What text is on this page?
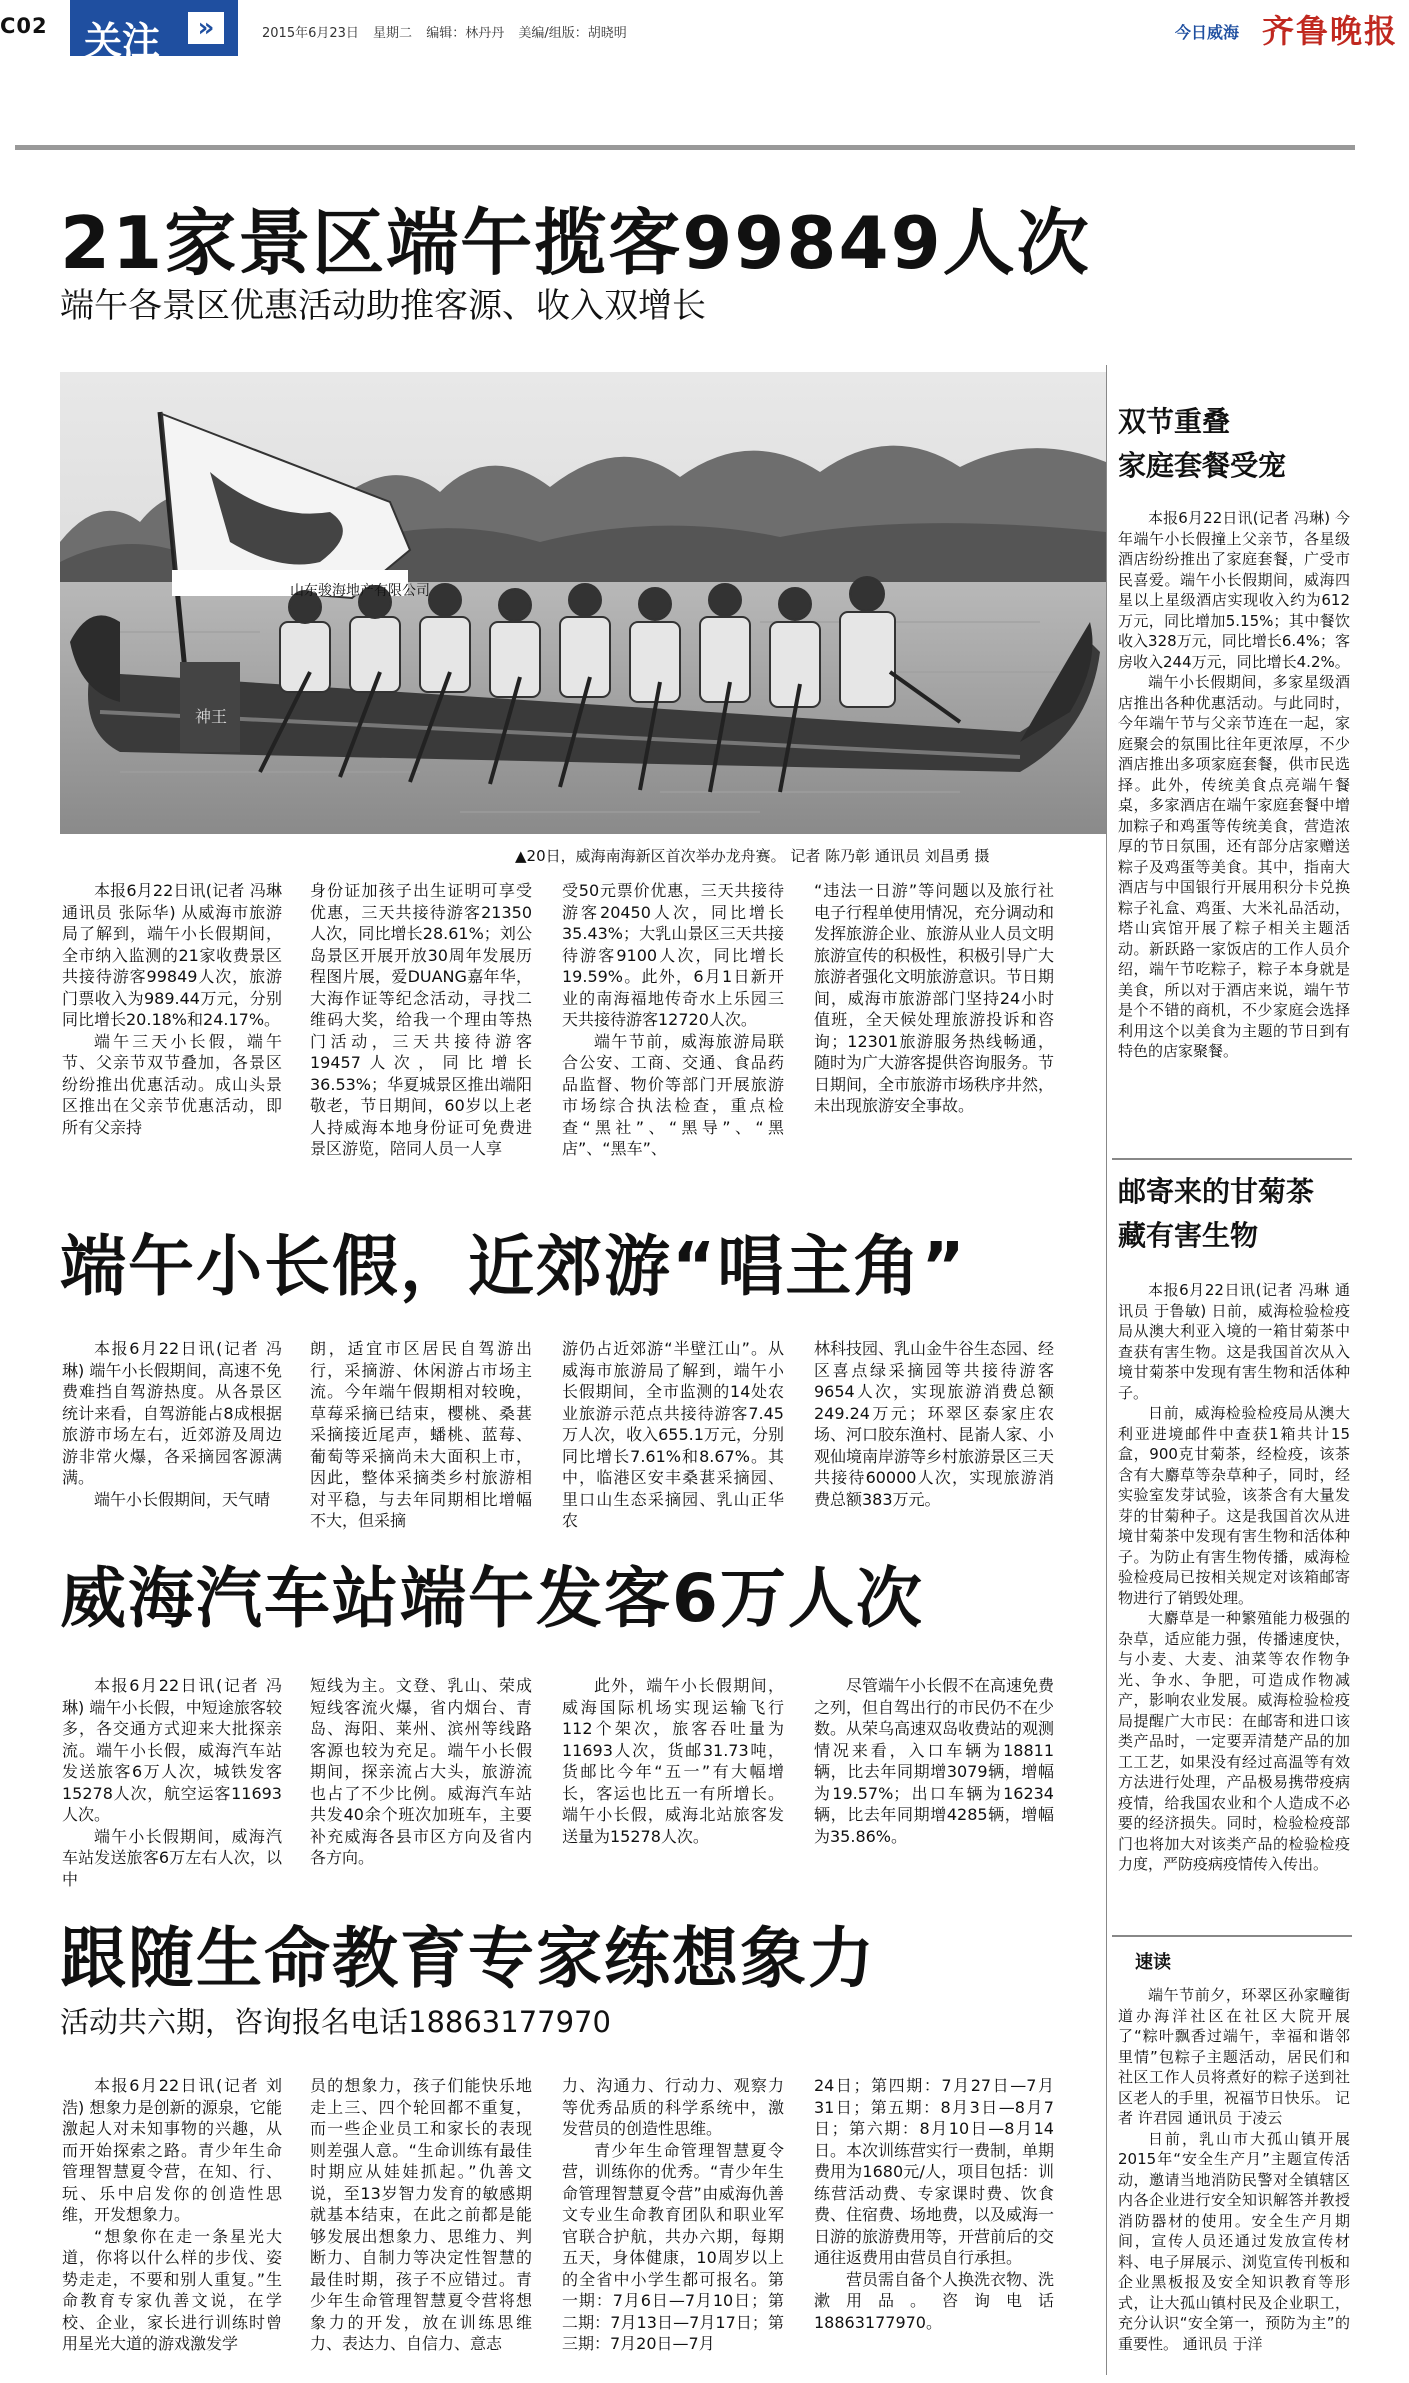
C02 关注	»	2015年6月23日 星期二 编辑：林丹丹 美编/组版：胡晓明	今日威海 齐鲁晚报
21家景区端午揽客99849人次
端午各景区优惠活动助推客源、收入双增长
山东骏海地产有限公司
神王
▲20日，威海南海新区首次举办龙舟赛。 记者 陈乃彰 通讯员 刘昌勇 摄

本报6月22日讯(记者 冯琳 通讯员 张际华) 从威海市旅游局了解到，端午小长假期间，全市纳入监测的21家收费景区共接待游客99849人次，旅游门票收入为989.44万元，分别同比增长20.18%和24.17%。

端午三天小长假，端午节、父亲节双节叠加，各景区纷纷推出优惠活动。成山头景区推出在父亲节优惠活动，即所有父亲持

身份证加孩子出生证明可享受优惠，三天共接待游客21350人次，同比增长28.61%；刘公岛景区开展开放30周年发展历程图片展，爱DUANG嘉年华，大海作证等纪念活动，寻找二维码大奖，给我一个理由等热门活动，三天共接待游客19457人次，同比增长36.53%；华夏城景区推出端阳敬老，节日期间，60岁以上老人持威海本地身份证可免费进景区游览，陪同人员一人享

受50元票价优惠，三天共接待游客20450人次，同比增长35.43%；大乳山景区三天共接待游客9100人次，同比增长19.59%。此外，6月1日新开业的南海福地传奇水上乐园三天共接待游客12720人次。

端午节前，威海旅游局联合公安、工商、交通、食品药品监督、物价等部门开展旅游市场综合执法检查，重点检查“黑社”、“黑导”、“黑店”、“黑车”、

“违法一日游”等问题以及旅行社电子行程单使用情况，充分调动和发挥旅游企业、旅游从业人员文明旅游宣传的积极性，积极引导广大旅游者强化文明旅游意识。节日期间，威海市旅游部门坚持24小时值班，全天候处理旅游投诉和咨询；12301旅游服务热线畅通，随时为广大游客提供咨询服务。节日期间，全市旅游市场秩序井然，未出现旅游安全事故。

端午小长假，近郊游“唱主角”

本报6月22日讯(记者 冯琳) 端午小长假期间，高速不免费难挡自驾游热度。从各景区统计来看，自驾游能占8成根据旅游市场左右，近郊游及周边游非常火爆，各采摘园客源满满。

端午小长假期间，天气晴

朗，适宜市区居民自驾游出行，采摘游、休闲游占市场主流。今年端午假期相对较晚，草莓采摘已结束，樱桃、桑葚采摘接近尾声，蟠桃、蓝莓、葡萄等采摘尚未大面积上市，因此，整体采摘类乡村旅游相对平稳，与去年同期相比增幅不大，但采摘

游仍占近郊游“半壁江山”。从威海市旅游局了解到，端午小长假期间，全市监测的14处农业旅游示范点共接待游客7.45万人次，收入655.1万元，分别同比增长7.61%和8.67%。其中，临港区安丰桑葚采摘园、里口山生态采摘园、乳山正华农

林科技园、乳山金牛谷生态园、经区喜点绿采摘园等共接待游客9654人次，实现旅游消费总额249.24万元；环翠区泰家庄农场、河口胶东渔村、昆嵛人家、小观仙境南岸游等乡村旅游景区三天共接待60000人次，实现旅游消费总额383万元。

威海汽车站端午发客6万人次

本报6月22日讯(记者 冯琳) 端午小长假，中短途旅客较多，各交通方式迎来大批探亲流。端午小长假，威海汽车站发送旅客6万人次，城铁发客15278人次，航空运客11693人次。

端午小长假期间，威海汽车站发送旅客6万左右人次，以中

短线为主。文登、乳山、荣成短线客流火爆，省内烟台、青岛、海阳、莱州、滨州等线路客源也较为充足。端午小长假期间，探亲流占大头，旅游流也占了不少比例。威海汽车站共发40余个班次加班车，主要补充威海各县市区方向及省内各方向。

此外，端午小长假期间，威海国际机场实现运输飞行112个架次，旅客吞吐量为11693人次，货邮31.73吨，货邮比今年“五一”有大幅增长，客运也比五一有所增长。端午小长假，威海北站旅客发送量为15278人次。

尽管端午小长假不在高速免费之列，但自驾出行的市民仍不在少数。从荣乌高速双岛收费站的观测情况来看，入口车辆为18811辆，比去年同期增3079辆，增幅为19.57%；出口车辆为16234辆，比去年同期增4285辆，增幅为35.86%。

跟随生命教育专家练想象力
活动共六期，咨询报名电话18863177970

本报6月22日讯(记者 刘浩) 想象力是创新的源泉，它能激起人对未知事物的兴趣，从而开始探索之路。青少年生命管理智慧夏令营，在知、行、玩、乐中启发你的创造性思维，开发想象力。

“想象你在走一条星光大道，你将以什么样的步伐、姿势走走，不要和别人重复。”生命教育专家仇善文说，在学校、企业，家长进行训练时曾用星光大道的游戏激发学

员的想象力，孩子们能快乐地走上三、四个轮回都不重复，而一些企业员工和家长的表现则差强人意。“生命训练有最佳时期应从娃娃抓起。”仇善文说，至13岁智力发育的敏感期就基本结束，在此之前都是能够发展出想象力、思维力、判断力、自制力等决定性智慧的最佳时期，孩子不应错过。青少年生命管理智慧夏令营将想象力的开发，放在训练思维力、表达力、自信力、意志

力、沟通力、行动力、观察力等优秀品质的科学系统中，激发营员的创造性思维。

青少年生命管理智慧夏令营，训练你的优秀。“青少年生命管理智慧夏令营”由威海仇善文专业生命教育团队和职业军官联合护航，共办六期，每期五天，身体健康，10周岁以上的全省中小学生都可报名。第一期：7月6日—7月10日；第二期：7月13日—7月17日；第三期：7月20日—7月

24日；第四期：7月27日—7月31日；第五期：8月3日—8月7日；第六期：8月10日—8月14日。本次训练营实行一费制，单期费用为1680元/人，项目包括：训练营活动费、专家课时费、饮食费、住宿费、场地费，以及威海一日游的旅游费用等，开营前后的交通往返费用由营员自行承担。

营员需自备个人换洗衣物、洗漱用品。咨询电话18863177970。

双节重叠
家庭套餐受宠

本报6月22日讯(记者 冯琳) 今年端午小长假撞上父亲节，各星级酒店纷纷推出了家庭套餐，广受市民喜爱。端午小长假期间，威海四星以上星级酒店实现收入约为612万元，同比增加5.15%；其中餐饮收入328万元，同比增长6.4%；客房收入244万元，同比增长4.2%。

端午小长假期间，多家星级酒店推出各种优惠活动。与此同时，今年端午节与父亲节连在一起，家庭聚会的氛围比往年更浓厚，不少酒店推出多项家庭套餐，供市民选择。此外，传统美食点亮端午餐桌，多家酒店在端午家庭套餐中增加粽子和鸡蛋等传统美食，营造浓厚的节日氛围，还有部分店家赠送粽子及鸡蛋等美食。其中，指南大酒店与中国银行开展用积分卡兑换粽子礼盒、鸡蛋、大米礼品活动，塔山宾馆开展了粽子相关主题活动。新跃路一家饭店的工作人员介绍，端午节吃粽子，粽子本身就是美食，所以对于酒店来说，端午节是个不错的商机，不少家庭会选择利用这个以美食为主题的节日到有特色的店家聚餐。

邮寄来的甘菊茶
藏有害生物

本报6月22日讯(记者 冯琳 通讯员 于鲁敏) 日前，威海检验检疫局从澳大利亚入境的一箱甘菊茶中查获有害生物。这是我国首次从入境甘菊茶中发现有害生物和活体种子。

日前，威海检验检疫局从澳大利亚进境邮件中查获1箱共计15盒，900克甘菊茶，经检疫，该茶含有大麝草等杂草种子，同时，经实验室发芽试验，该茶含有大量发芽的甘菊种子。这是我国首次从进境甘菊茶中发现有害生物和活体种子。为防止有害生物传播，威海检验检疫局已按相关规定对该箱邮寄物进行了销毁处理。

大麝草是一种繁殖能力极强的杂草，适应能力强，传播速度快，与小麦、大麦、油菜等农作物争光、争水、争肥，可造成作物减产，影响农业发展。威海检验检疫局提醒广大市民：在邮寄和进口该类产品时，一定要弄清楚产品的加工工艺，如果没有经过高温等有效方法进行处理，产品极易携带疫病疫情，给我国农业和个人造成不必要的经济损失。同时，检验检疫部门也将加大对该类产品的检验检疫力度，严防疫病疫情传入传出。

速读

端午节前夕，环翠区孙家疃街道办海洋社区在社区大院开展了“粽叶飘香过端午，幸福和谐邻里情”包粽子主题活动，居民们和社区工作人员将煮好的粽子送到社区老人的手里，祝福节日快乐。 记者 许君园 通讯员 于凌云

日前，乳山市大孤山镇开展2015年“安全生产月”主题宣传活动，邀请当地消防民警对全镇辖区内各企业进行安全知识解答并教授消防器材的使用。安全生产月期间，宣传人员还通过发放宣传材料、电子屏展示、浏览宣传刊板和企业黑板报及安全知识教育等形式，让大孤山镇村民及企业职工，充分认识“安全第一，预防为主”的重要性。 通讯员 于洋
